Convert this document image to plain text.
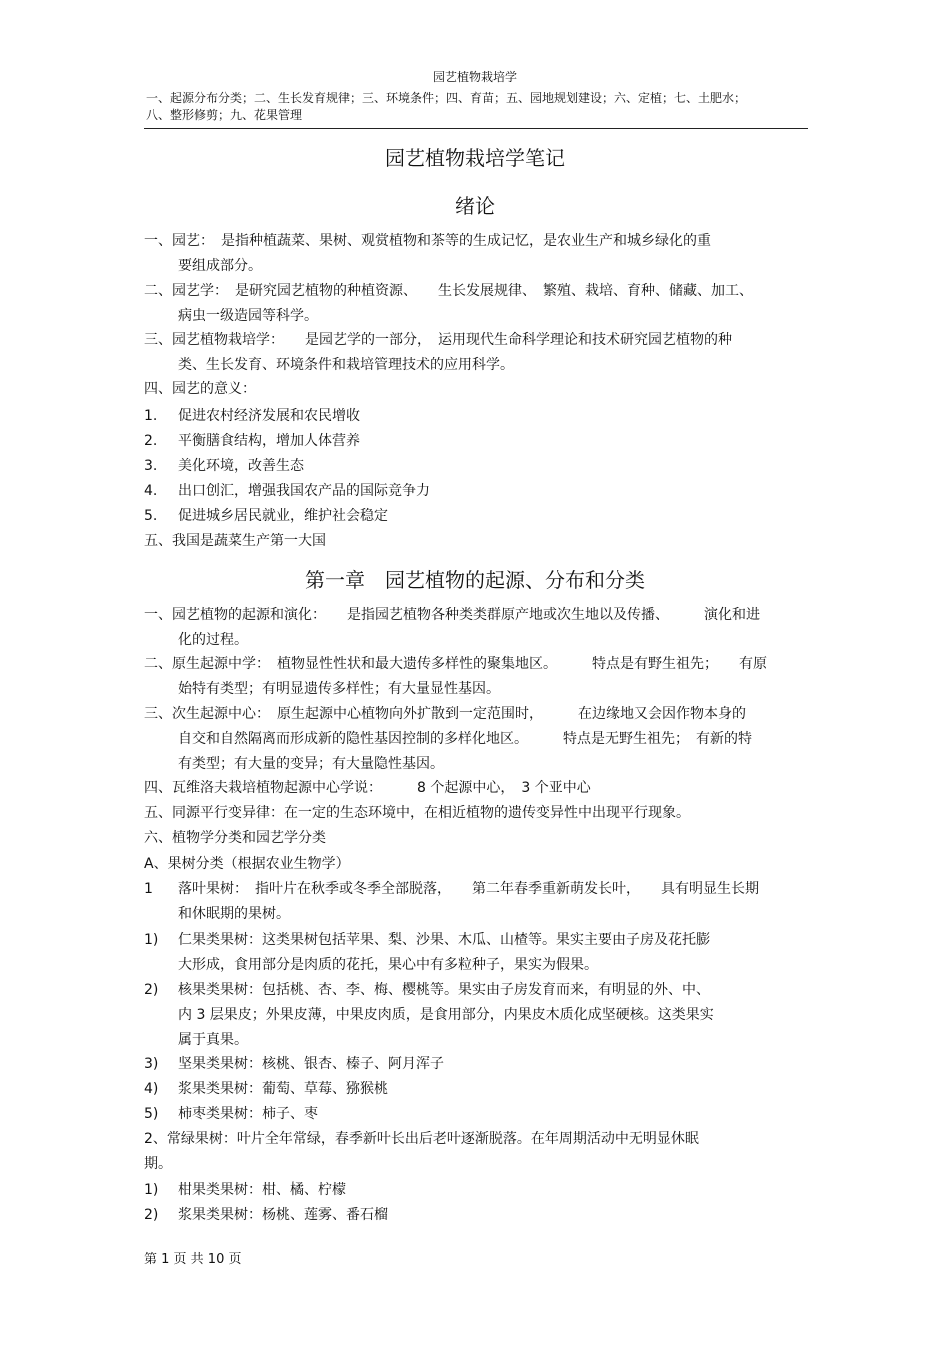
园艺植物栽培学
一、起源分布分类；二、生长发育规律；三、环境条件；四、育苗；五、园地规划建设；六、定植；七、土肥水；八、整形修剪；九、花果管理
园艺植物栽培学笔记
绪论
一、园艺：　是指种植蔬菜、果树、观赏植物和茶等的生成记忆，是农业生产和城乡绿化的重
要组成部分。
二、园艺学：　是研究园艺植物的种植资源、　　生长发展规律、　繁殖、栽培、育种、储藏、加工、
病虫一级造园等科学。
三、园艺植物栽培学：　　是园艺学的一部分，　运用现代生命科学理论和技术研究园艺植物的种
类、生长发育、环境条件和栽培管理技术的应用科学。
四、园艺的意义：
1. 促进农村经济发展和农民增收
2. 平衡膳食结构，增加人体营养
3. 美化环境，改善生态
4. 出口创汇，增强我国农产品的国际竞争力
5. 促进城乡居民就业，维护社会稳定
五、我国是蔬菜生产第一大国
第一章　园艺植物的起源、分布和分类
一、园艺植物的起源和演化：　　是指园艺植物各种类类群原产地或次生地以及传播、　　　演化和进
化的过程。
二、原生起源中学：　植物显性性状和最大遗传多样性的聚集地区。　　　特点是有野生祖先；　　有原
始特有类型；有明显遗传多样性；有大量显性基因。
三、次生起源中心：　原生起源中心植物向外扩散到一定范围时，　　　在边缘地又会因作物本身的
自交和自然隔离而形成新的隐性基因控制的多样化地区。　　　特点是无野生祖先；　有新的特
有类型；有大量的变异；有大量隐性基因。
四、瓦维洛夫栽培植物起源中心学说：　　　8 个起源中心，　3 个亚中心
五、同源平行变异律：在一定的生态环境中，在相近植物的遗传变异性中出现平行现象。
六、植物学分类和园艺学分类
A、果树分类（根据农业生物学）
1 落叶果树：　指叶片在秋季或冬季全部脱落，　　第二年春季重新萌发长叶，　　具有明显生长期
和休眠期的果树。
1) 仁果类果树：这类果树包括苹果、梨、沙果、木瓜、山楂等。果实主要由子房及花托膨
大形成，食用部分是肉质的花托，果心中有多粒种子，果实为假果。
2) 核果类果树：包括桃、杏、李、梅、樱桃等。果实由子房发育而来，有明显的外、中、
内 3 层果皮；外果皮薄，中果皮肉质，是食用部分，内果皮木质化成坚硬核。这类果实
属于真果。
3) 坚果类果树：核桃、银杏、榛子、阿月浑子
4) 浆果类果树：葡萄、草莓、猕猴桃
5) 柿枣类果树：柿子、枣
2、常绿果树：叶片全年常绿，春季新叶长出后老叶逐渐脱落。在年周期活动中无明显休眠
期。
1) 柑果类果树：柑、橘、柠檬
2) 浆果类果树：杨桃、莲雾、番石榴
第 1 页 共 10 页
